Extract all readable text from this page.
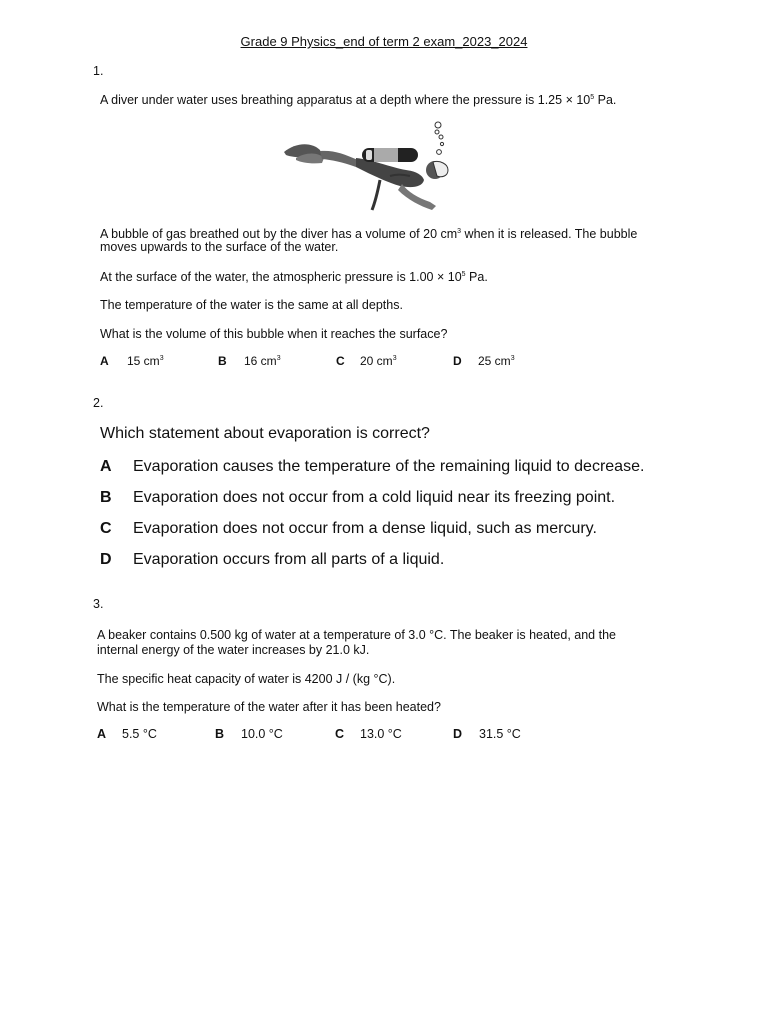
Grade 9 Physics_end of term 2 exam_2023_2024
1.
A diver under water uses breathing apparatus at a depth where the pressure is $1.25 \times 10^5$ Pa.
A bubble of gas breathed out by the diver has a volume of 20 $cm^3$ when it is released. The bubble
moves upwards to the surface of the water.
At the surface of the water, the atmospheric pressure is $1.00 \times 10^5$ Pa.
The temperature of the water is the same at all depths.
What is the volume of this bubble when it reaches the surface?
A 15 $cm^3$	B 16 $cm^3$	C 20 $cm^3$	D 25 $cm^3$
2.
Which statement about evaporation is correct?
A Evaporation causes the temperature of the remaining liquid to decrease.
B Evaporation does not occur from a cold liquid near its freezing point.
C Evaporation does not occur from a dense liquid, such as mercury.
D Evaporation occurs from all parts of a liquid.
3.
A beaker contains 0.500 kg of water at a temperature of 3.0 °C. The beaker is heated, and the
internal energy of the water increases by 21.0 kJ.
The specific heat capacity of water is 4200 J / (kg °C).
What is the temperature of the water after it has been heated?
A 5.5 °C	B 10.0 °C	C 13.0 °C	D 31.5 °C
